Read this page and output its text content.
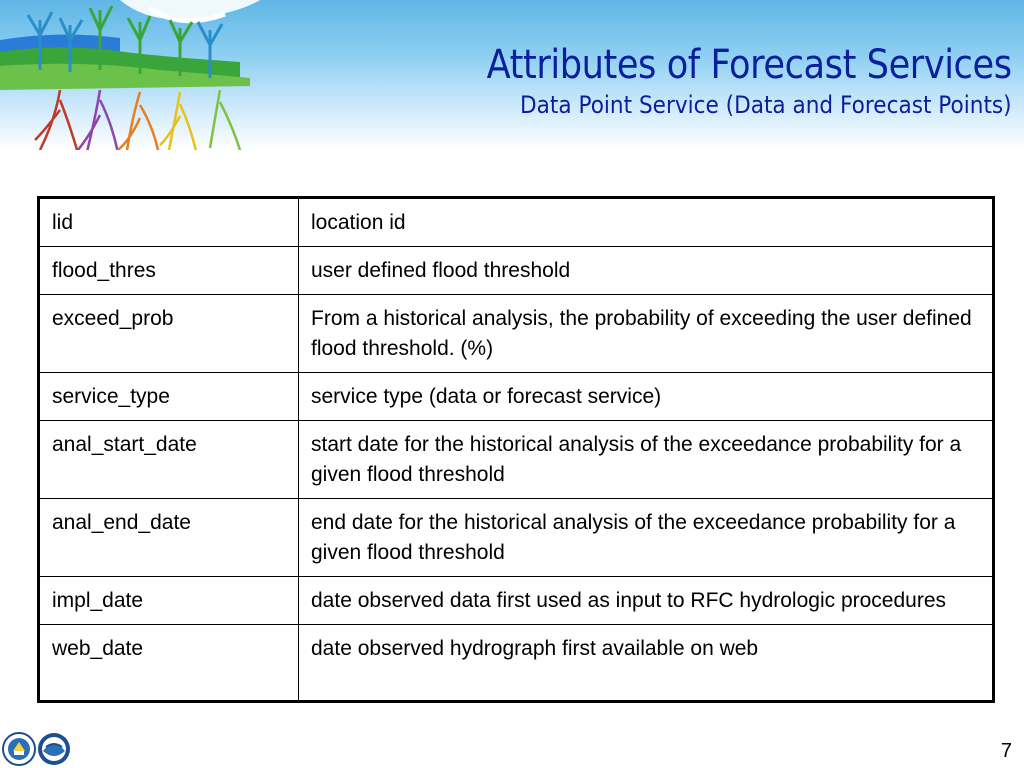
Attributes of Forecast Services
Data Point Service (Data and Forecast Points)
lid	location id
flood_thres	user defined flood threshold
exceed_prob	From a historical analysis, the probability of exceeding the user defined flood threshold. (%)
service_type	service type (data or forecast service)
anal_start_date	start date for the historical analysis of the exceedance probability for a given flood threshold
anal_end_date	end date for the historical analysis of the exceedance probability for a given flood threshold
impl_date	date observed data first used as input to RFC hydrologic procedures
web_date	date observed hydrograph first available on web
7
